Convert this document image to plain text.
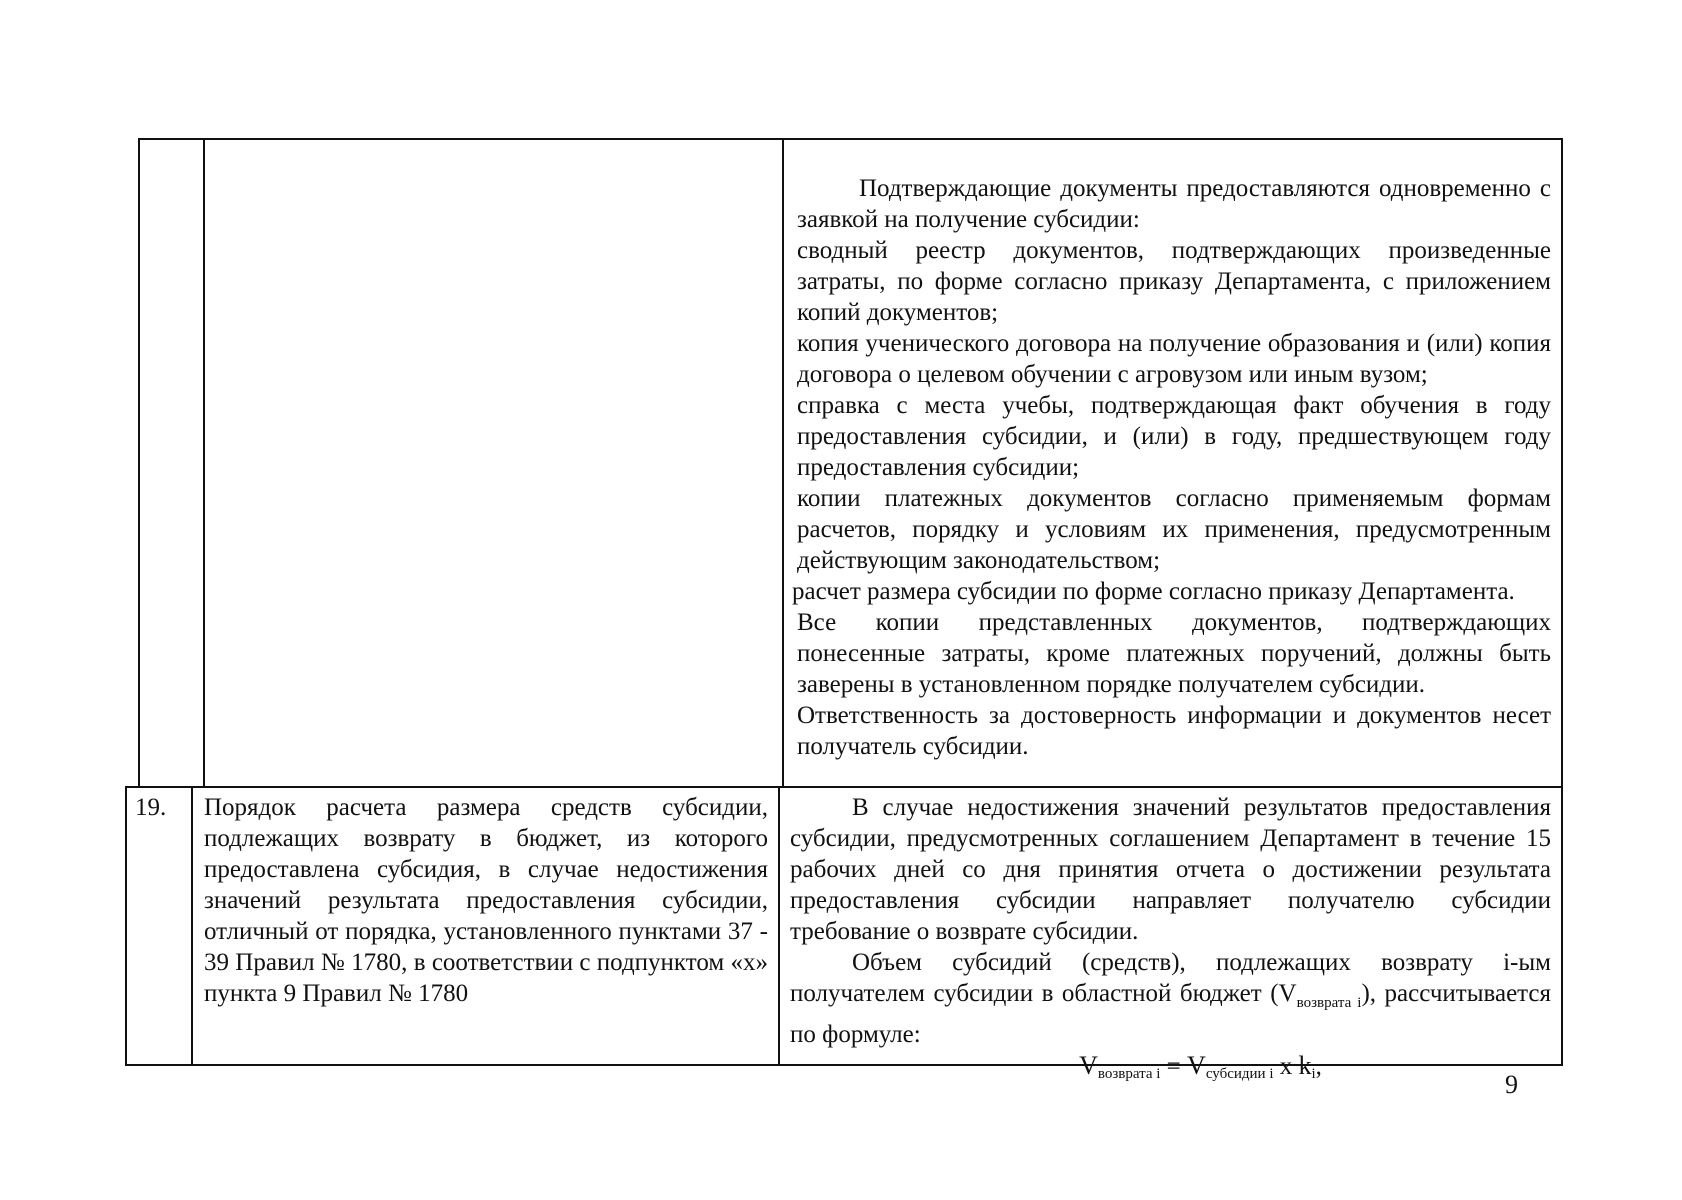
Подтверждающие документы предоставляются одновременно с заявкой на получение субсидии:

сводный реестр документов, подтверждающих произведенные затраты, по форме согласно приказу Департамента, с приложением копий документов;

копия ученического договора на получение образования и (или) копия договора о целевом обучении с агровузом или иным вузом;

справка с места учебы, подтверждающая факт обучения в году предоставления субсидии, и (или) в году, предшествующем году предоставления субсидии;

копии платежных документов согласно применяемым формам расчетов, порядку и условиям их применения, предусмотренным действующим законодательством;

расчет размера субсидии по форме согласно приказу Департамента.

Все копии представленных документов, подтверждающих понесенные затраты, кроме платежных поручений, должны быть заверены в установленном порядке получателем субсидии.

Ответственность за достоверность информации и документов несет получатель субсидии.

19.	Порядок расчета размера средств субсидии, подлежащих возврату в бюджет, из которого предоставлена субсидия, в случае недостижения значений результата предоставления субсидии, отличный от порядка, установленного пунктами 37 - 39 Правил № 1780, в соответствии с подпунктом «х» пункта 9 Правил № 1780

В случае недостижения значений результатов предоставления субсидии, предусмотренных соглашением Департамент в течение 15 рабочих дней со дня принятия отчета о достижении результата предоставления субсидии направляет получателю субсидии требование о возврате субсидии.

Объем субсидий (средств), подлежащих возврату i-ым получателем субсидии в областной бюджет $(V_{возврата i})$, рассчитывается по формуле:

$V_{возврата i} = V_{субсидии i}$ x $k_i$,

9
